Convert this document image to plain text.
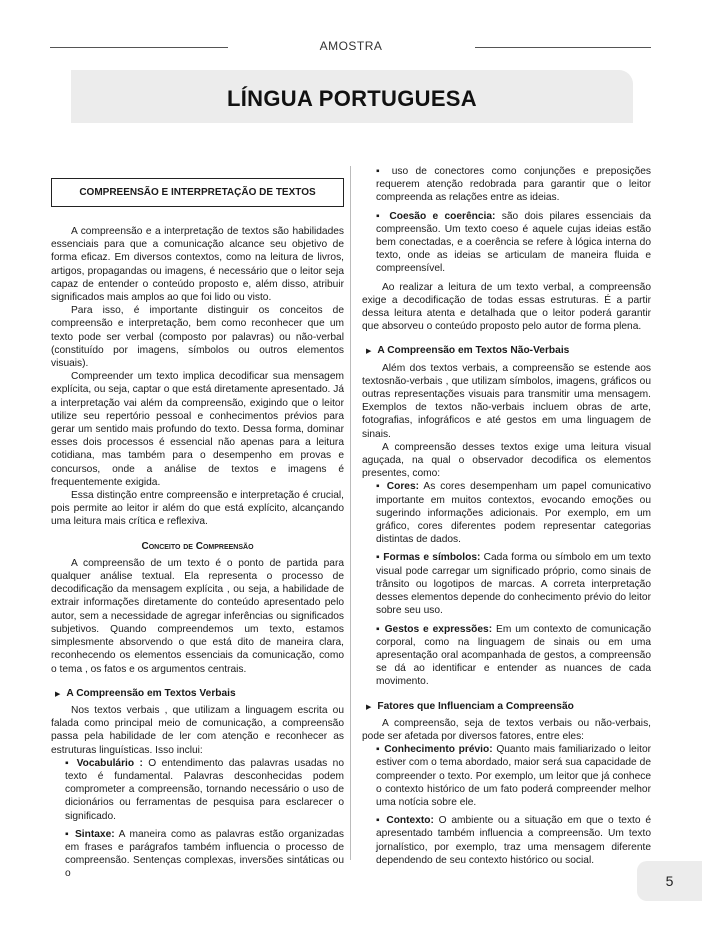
AMOSTRA
LÍNGUA PORTUGUESA
COMPREENSÃO E INTERPRETAÇÃO DE TEXTOS

A compreensão e a interpretação de textos são habilidades essenciais para que a comunicação alcance seu objetivo de forma eficaz. Em diversos contextos, como na leitura de livros, artigos, propagandas ou imagens, é necessário que o leitor seja capaz de entender o conteúdo proposto e, além disso, atribuir significados mais amplos ao que foi lido ou visto.

Para isso, é importante distinguir os conceitos de compreensão e interpretação, bem como reconhecer que um texto pode ser verbal (composto por palavras) ou não-verbal (constituído por imagens, símbolos ou outros elementos visuais).

Compreender um texto implica decodificar sua mensagem explícita, ou seja, captar o que está diretamente apresentado. Já a interpretação vai além da compreensão, exigindo que o leitor utilize seu repertório pessoal e conhecimentos prévios para gerar um sentido mais profundo do texto. Dessa forma, dominar esses dois processos é essencial não apenas para a leitura cotidiana, mas também para o desempenho em provas e concursos, onde a análise de textos e imagens é frequentemente exigida.

Essa distinção entre compreensão e interpretação é crucial, pois permite ao leitor ir além do que está explícito, alcançando uma leitura mais crítica e reflexiva.

Conceito de Compreensão

A compreensão de um texto é o ponto de partida para qualquer análise textual. Ela representa o processo de decodificação da mensagem explícita , ou seja, a habilidade de extrair informações diretamente do conteúdo apresentado pelo autor, sem a necessidade de agregar inferências ou significados subjetivos. Quando compreendemos um texto, estamos simplesmente absorvendo o que está dito de maneira clara, reconhecendo os elementos essenciais da comunicação, como o tema , os fatos e os argumentos centrais.

▶ A Compreensão em Textos Verbais

Nos textos verbais , que utilizam a linguagem escrita ou falada como principal meio de comunicação, a compreensão passa pela habilidade de ler com atenção e reconhecer as estruturas linguísticas. Isso inclui:

▪ Vocabulário : O entendimento das palavras usadas no texto é fundamental. Palavras desconhecidas podem comprometer a compreensão, tornando necessário o uso de dicionários ou ferramentas de pesquisa para esclarecer o significado.
▪ Sintaxe: A maneira como as palavras estão organizadas em frases e parágrafos também influencia o processo de compreensão. Sentenças complexas, inversões sintáticas ou o
▪ uso de conectores como conjunções e preposições requerem atenção redobrada para garantir que o leitor compreenda as relações entre as ideias.
▪ Coesão e coerência: são dois pilares essenciais da compreensão. Um texto coeso é aquele cujas ideias estão bem conectadas, e a coerência se refere à lógica interna do texto, onde as ideias se articulam de maneira fluida e compreensível.

Ao realizar a leitura de um texto verbal, a compreensão exige a decodificação de todas essas estruturas. É a partir dessa leitura atenta e detalhada que o leitor poderá garantir que absorveu o conteúdo proposto pelo autor de forma plena.

▶ A Compreensão em Textos Não-Verbais

Além dos textos verbais, a compreensão se estende aos textosnão-verbais , que utilizam símbolos, imagens, gráficos ou outras representações visuais para transmitir uma mensagem. Exemplos de textos não-verbais incluem obras de arte, fotografias, infográficos e até gestos em uma linguagem de sinais.

A compreensão desses textos exige uma leitura visual aguçada, na qual o observador decodifica os elementos presentes, como:

▪ Cores: As cores desempenham um papel comunicativo importante em muitos contextos, evocando emoções ou sugerindo informações adicionais. Por exemplo, em um gráfico, cores diferentes podem representar categorias distintas de dados.
▪ Formas e símbolos: Cada forma ou símbolo em um texto visual pode carregar um significado próprio, como sinais de trânsito ou logotipos de marcas. A correta interpretação desses elementos depende do conhecimento prévio do leitor sobre seu uso.
▪ Gestos e expressões: Em um contexto de comunicação corporal, como na linguagem de sinais ou em uma apresentação oral acompanhada de gestos, a compreensão se dá ao identificar e entender as nuances de cada movimento.
▶ Fatores que Influenciam a Compreensão

A compreensão, seja de textos verbais ou não-verbais, pode ser afetada por diversos fatores, entre eles:

▪ Conhecimento prévio: Quanto mais familiarizado o leitor estiver com o tema abordado, maior será sua capacidade de compreender o texto. Por exemplo, um leitor que já conhece o contexto histórico de um fato poderá compreender melhor uma notícia sobre ele.
▪ Contexto: O ambiente ou a situação em que o texto é apresentado também influencia a compreensão. Um texto jornalístico, por exemplo, traz uma mensagem diferente dependendo de seu contexto histórico ou social.
5
